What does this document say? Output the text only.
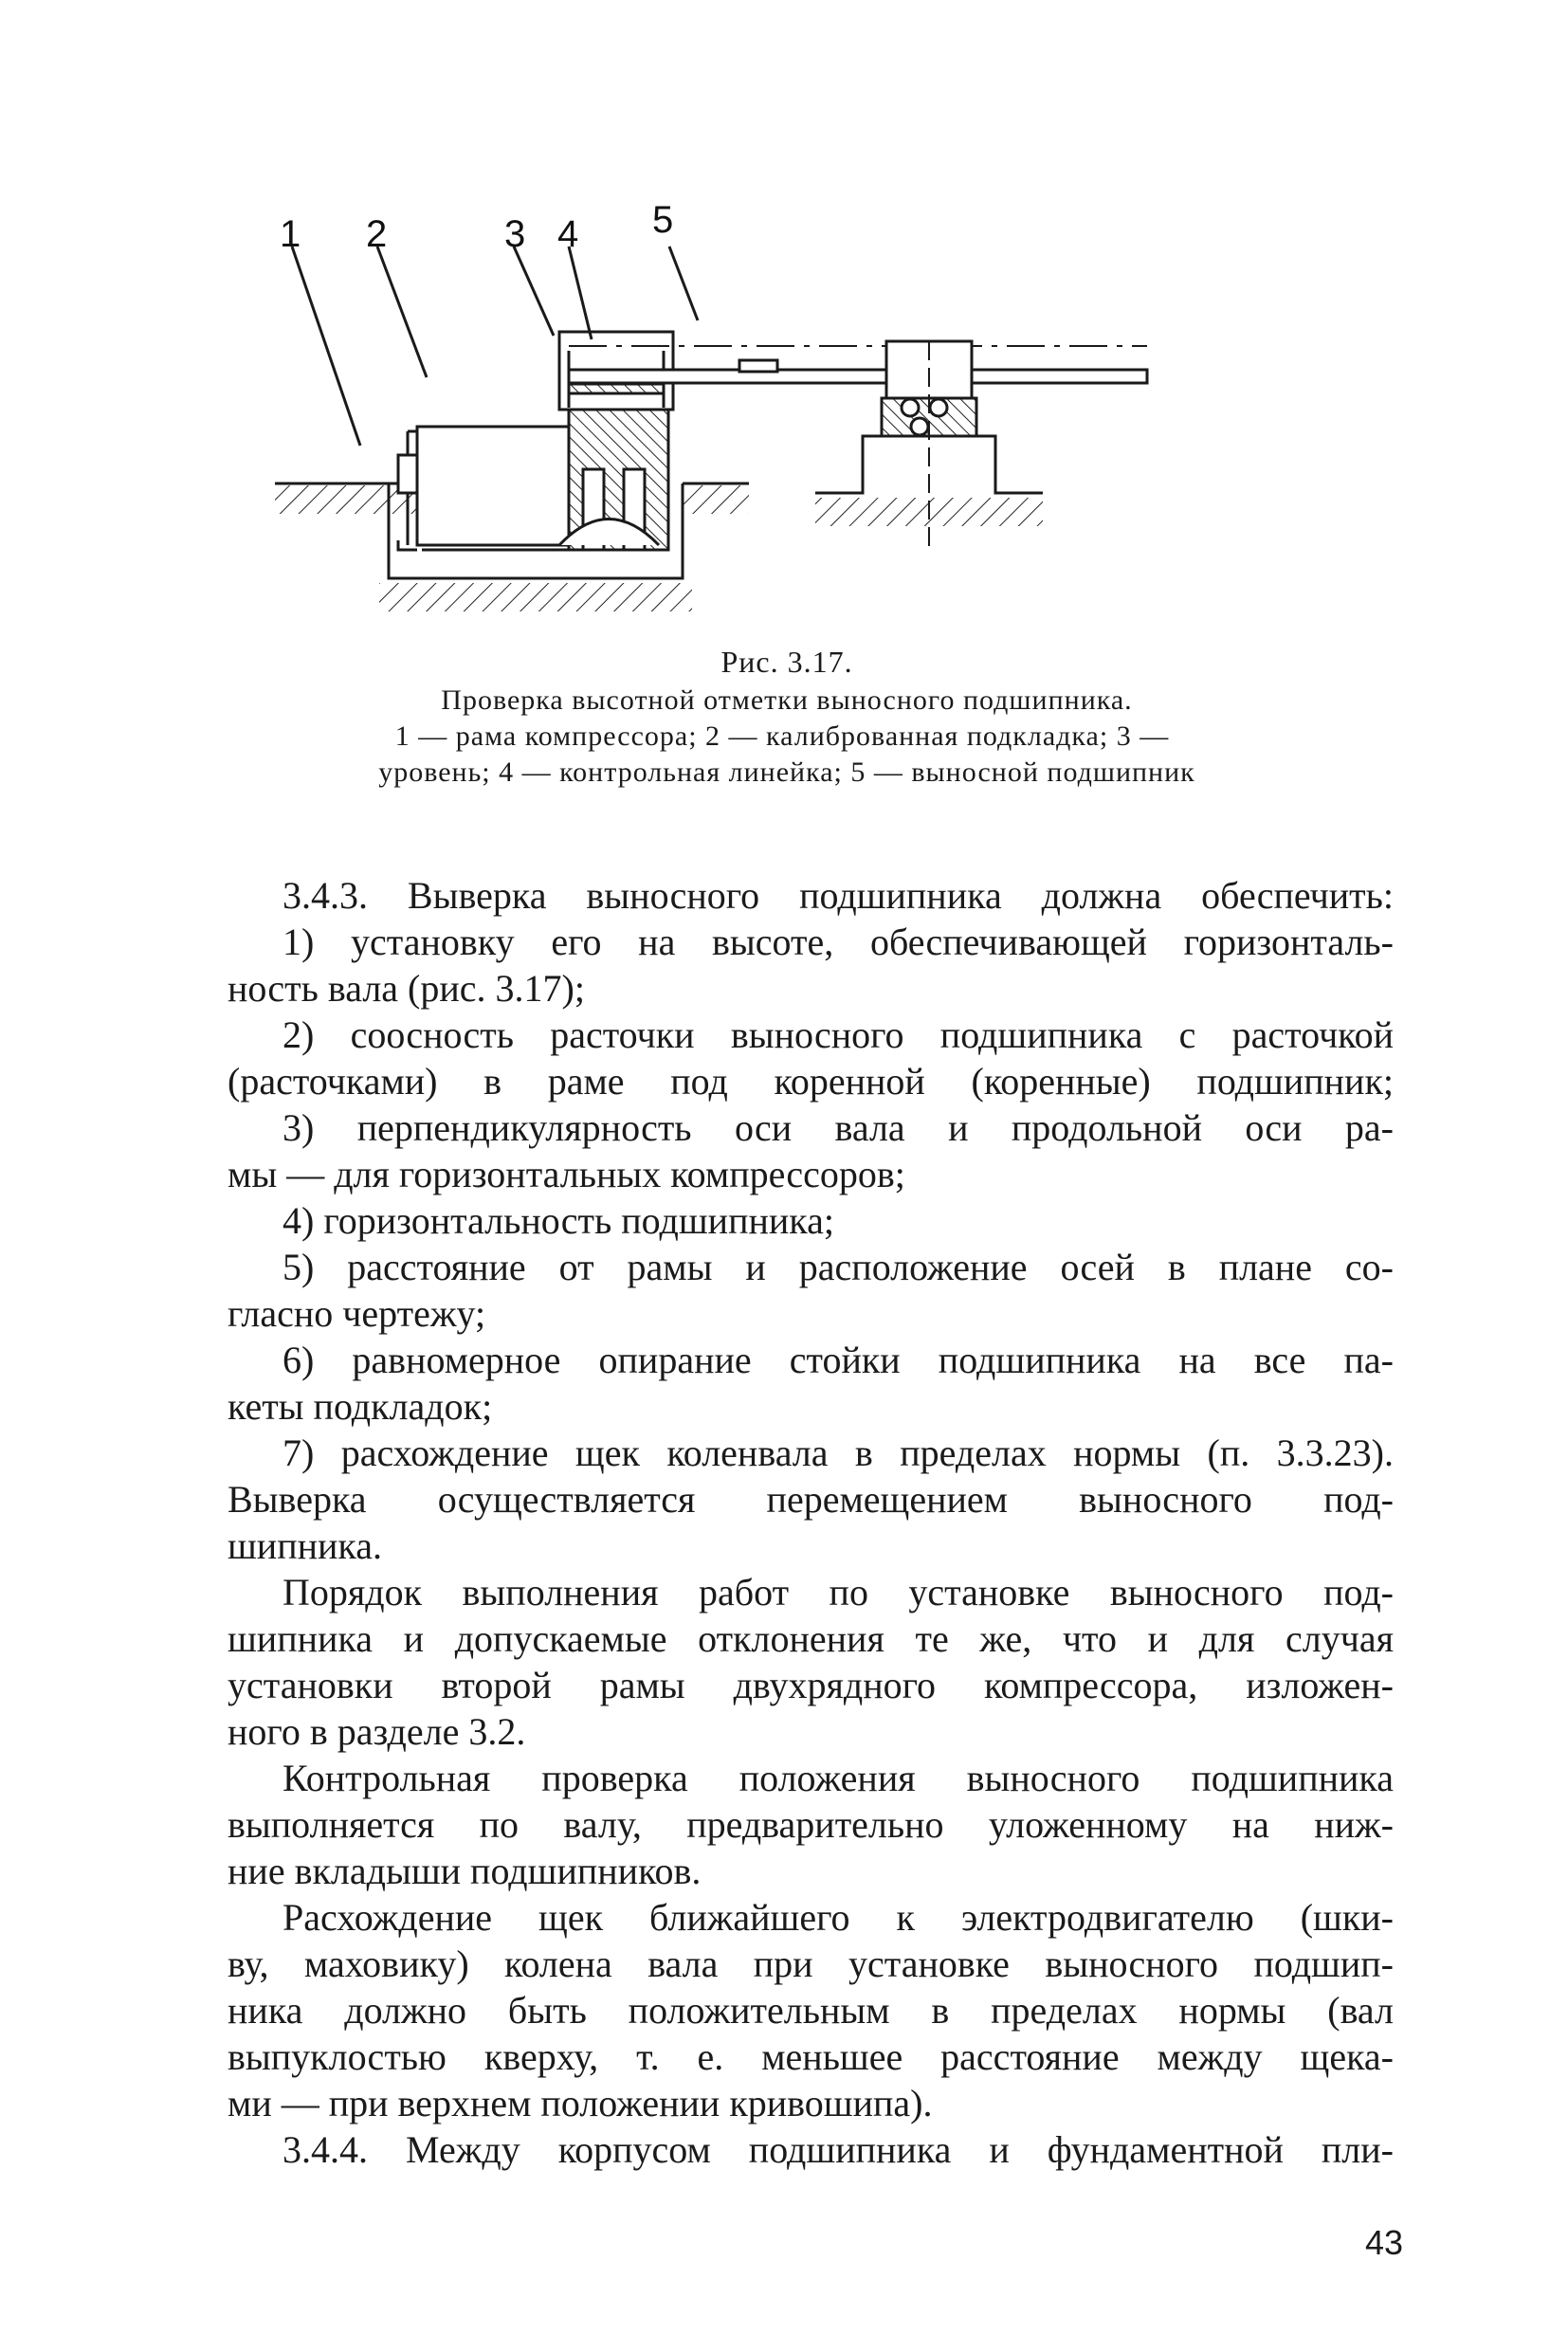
1 2	3 4 5
Рис. 3.17.
Проверка высотной отметки выносного подшипника.
1 — рама компрессора; 2 — калиброванная подкладка; 3 —
уровень; 4 — контрольная линейка; 5 — выносной подшипник
3.4.3. Выверка выносного подшипника должна обеспечить:
1) установку его на высоте, обеспечивающей горизонталь-
ность вала (рис. 3.17);
2) соосность расточки выносного подшипника с расточкой
(расточками) в раме под коренной (коренные) подшипник;
3) перпендикулярность оси вала и продольной оси ра-
мы — для горизонтальных компрессоров;
4) горизонтальность подшипника;
5) расстояние от рамы и расположение осей в плане со-
гласно чертежу;
6) равномерное опирание стойки подшипника на все па-
кеты подкладок;
7) расхождение щек коленвала в пределах нормы (п. 3.3.23).
Выверка осуществляется перемещением выносного под-
шипника.
Порядок выполнения работ по установке выносного под-
шипника и допускаемые отклонения те же, что и для случая
установки второй рамы двухрядного компрессора, изложен-
ного в разделе 3.2.
Контрольная проверка положения выносного подшипника
выполняется по валу, предварительно уложенному на ниж-
ние вкладыши подшипников.
Расхождение щек ближайшего к электродвигателю (шки-
ву, маховику) колена вала при установке выносного подшип-
ника должно быть положительным в пределах нормы (вал
выпуклостью кверху, т. е. меньшее расстояние между щека-
ми — при верхнем положении кривошипа).
3.4.4. Между корпусом подшипника и фундаментной пли-
43
